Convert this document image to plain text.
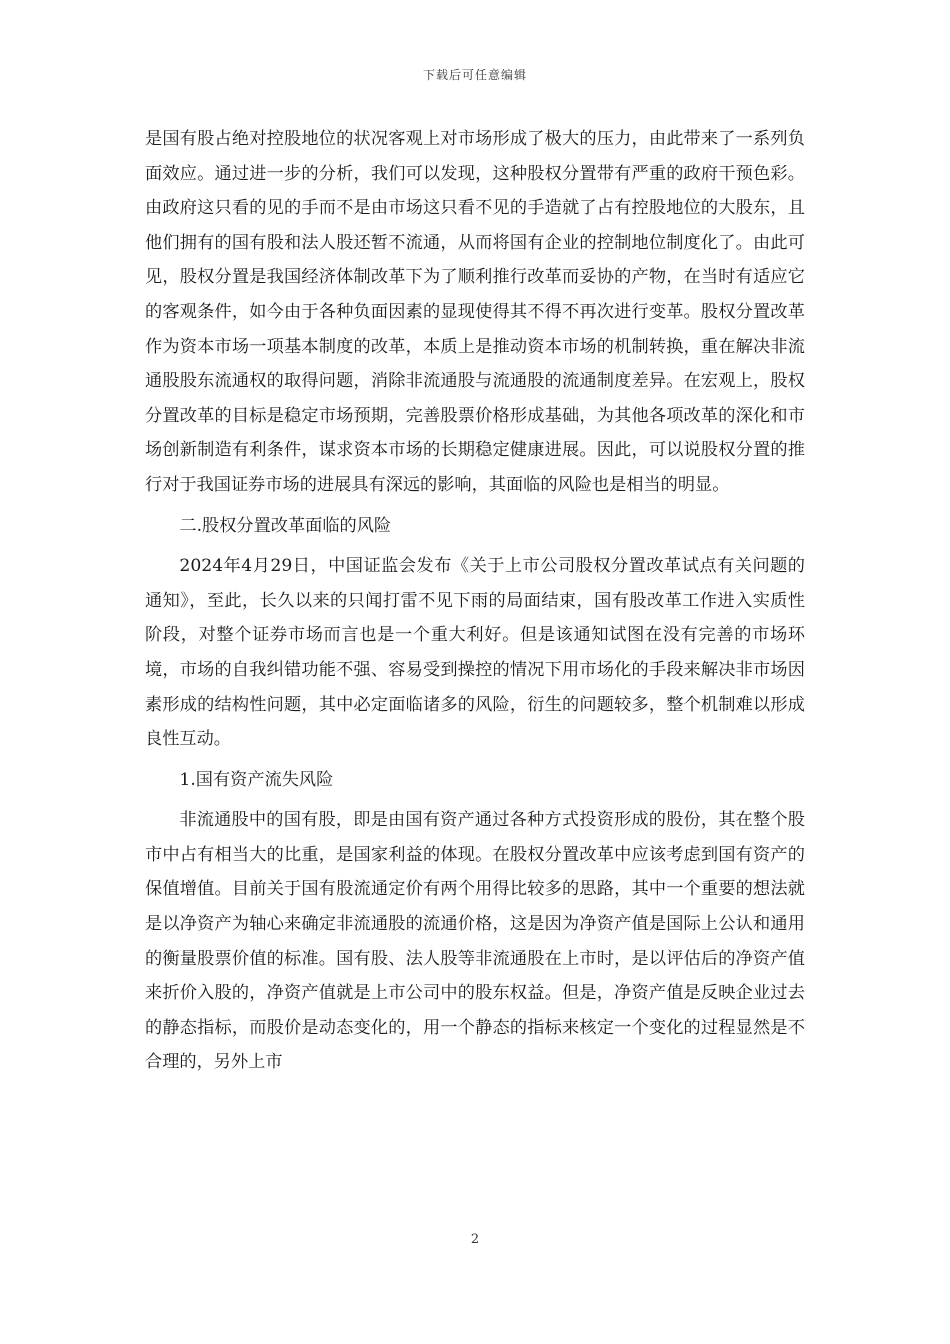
下载后可任意编辑

是国有股占绝对控股地位的状况客观上对市场形成了极大的压力，由此带来了一系列负面效应。通过进一步的分析，我们可以发现，这种股权分置带有严重的政府干预色彩。由政府这只看的见的手而不是由市场这只看不见的手造就了占有控股地位的大股东，且他们拥有的国有股和法人股还暂不流通，从而将国有企业的控制地位制度化了。由此可见，股权分置是我国经济体制改革下为了顺利推行改革而妥协的产物，在当时有适应它的客观条件，如今由于各种负面因素的显现使得其不得不再次进行变革。股权分置改革作为资本市场一项基本制度的改革，本质上是推动资本市场的机制转换，重在解决非流通股股东流通权的取得问题，消除非流通股与流通股的流通制度差异。在宏观上，股权分置改革的目标是稳定市场预期，完善股票价格形成基础，为其他各项改革的深化和市场创新制造有利条件，谋求资本市场的长期稳定健康进展。因此，可以说股权分置的推行对于我国证券市场的进展具有深远的影响，其面临的风险也是相当的明显。

二.股权分置改革面临的风险

2024年4月29日，中国证监会发布《关于上市公司股权分置改革试点有关问题的通知》，至此，长久以来的只闻打雷不见下雨的局面结束，国有股改革工作进入实质性阶段，对整个证券市场而言也是一个重大利好。但是该通知试图在没有完善的市场环境，市场的自我纠错功能不强、容易受到操控的情况下用市场化的手段来解决非市场因素形成的结构性问题，其中必定面临诸多的风险，衍生的问题较多，整个机制难以形成良性互动。

1.国有资产流失风险

非流通股中的国有股，即是由国有资产通过各种方式投资形成的股份，其在整个股市中占有相当大的比重，是国家利益的体现。在股权分置改革中应该考虑到国有资产的保值增值。目前关于国有股流通定价有两个用得比较多的思路，其中一个重要的想法就是以净资产为轴心来确定非流通股的流通价格，这是因为净资产值是国际上公认和通用的衡量股票价值的标准。国有股、法人股等非流通股在上市时，是以评估后的净资产值来折价入股的，净资产值就是上市公司中的股东权益。但是，净资产值是反映企业过去的静态指标，而股价是动态变化的，用一个静态的指标来核定一个变化的过程显然是不合理的，另外上市

2
